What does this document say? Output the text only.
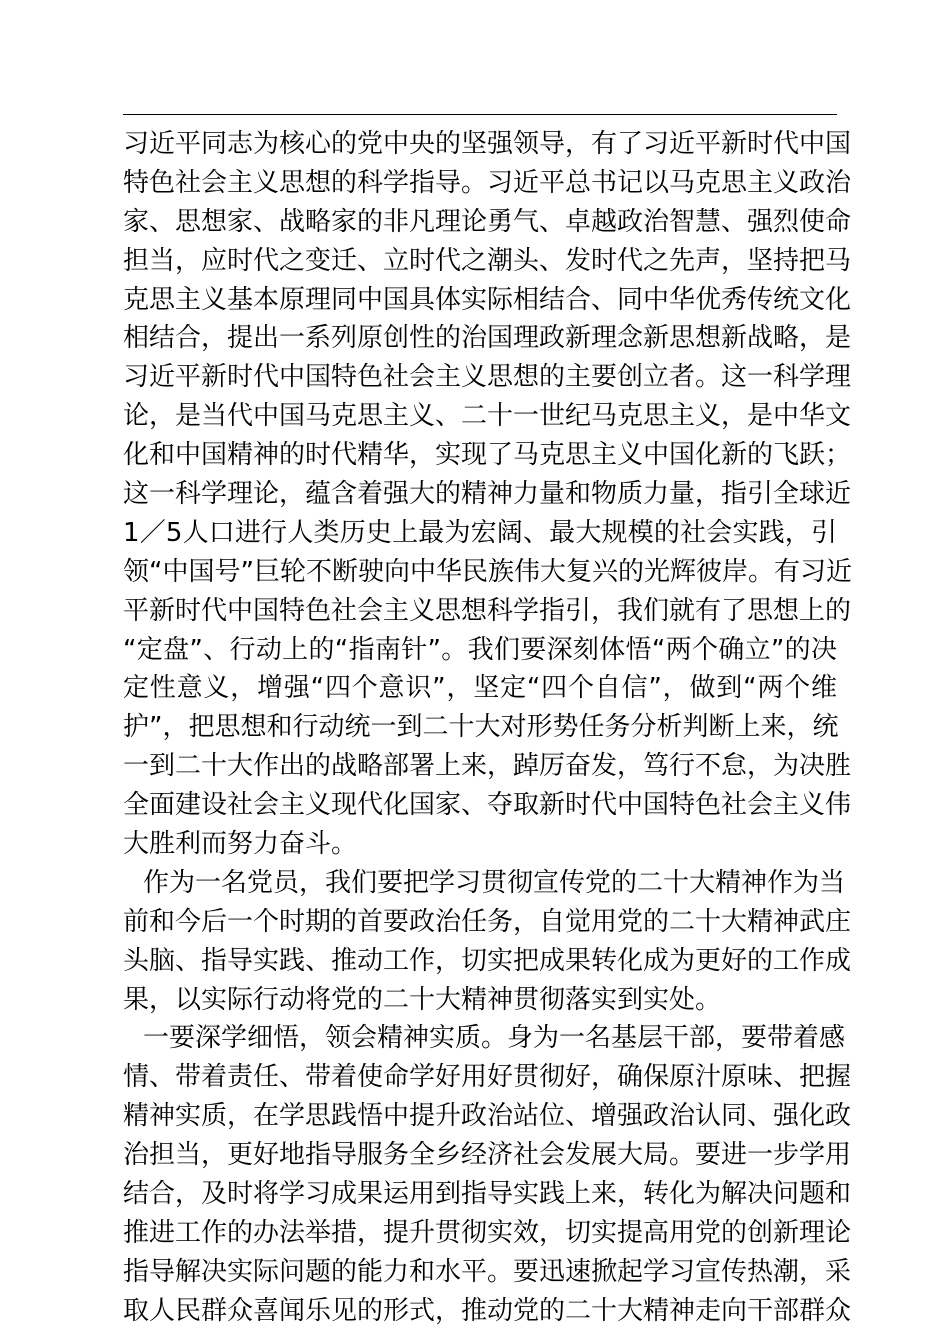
习近平同志为核心的党中央的坚强领导，有了习近平新时代中国
特色社会主义思想的科学指导。习近平总书记以马克思主义政治
家、思想家、战略家的非凡理论勇气、卓越政治智慧、强烈使命
担当，应时代之变迁、立时代之潮头、发时代之先声，坚持把马
克思主义基本原理同中国具体实际相结合、同中华优秀传统文化
相结合，提出一系列原创性的治国理政新理念新思想新战略，是
习近平新时代中国特色社会主义思想的主要创立者。这一科学理
论，是当代中国马克思主义、二十一世纪马克思主义，是中华文
化和中国精神的时代精华，实现了马克思主义中国化新的飞跃；
这一科学理论，蕴含着强大的精神力量和物质力量，指引全球近
1／5人口进行人类历史上最为宏阔、最大规模的社会实践，引
领“中国号”巨轮不断驶向中华民族伟大复兴的光辉彼岸。有习近
平新时代中国特色社会主义思想科学指引，我们就有了思想上的
“定盘”、行动上的“指南针”。我们要深刻体悟“两个确立”的决
定性意义，增强“四个意识”，坚定“四个自信”，做到“两个维
护”，把思想和行动统一到二十大对形势任务分析判断上来，统
一到二十大作出的战略部署上来，踔厉奋发，笃行不怠，为决胜
全面建设社会主义现代化国家、夺取新时代中国特色社会主义伟
大胜利而努力奋斗。
作为一名党员，我们要把学习贯彻宣传党的二十大精神作为当
前和今后一个时期的首要政治任务，自觉用党的二十大精神武庄
头脑、指导实践、推动工作，切实把成果转化成为更好的工作成
果，以实际行动将党的二十大精神贯彻落实到实处。
一要深学细悟，领会精神实质。身为一名基层干部，要带着感
情、带着责任、带着使命学好用好贯彻好，确保原汁原味、把握
精神实质，在学思践悟中提升政治站位、增强政治认同、强化政
治担当，更好地指导服务全乡经济社会发展大局。要进一步学用
结合，及时将学习成果运用到指导实践上来，转化为解决问题和
推进工作的办法举措，提升贯彻实效，切实提高用党的创新理论
指导解决实际问题的能力和水平。要迅速掀起学习宣传热潮，采
取人民群众喜闻乐见的形式，推动党的二十大精神走向干部群众
